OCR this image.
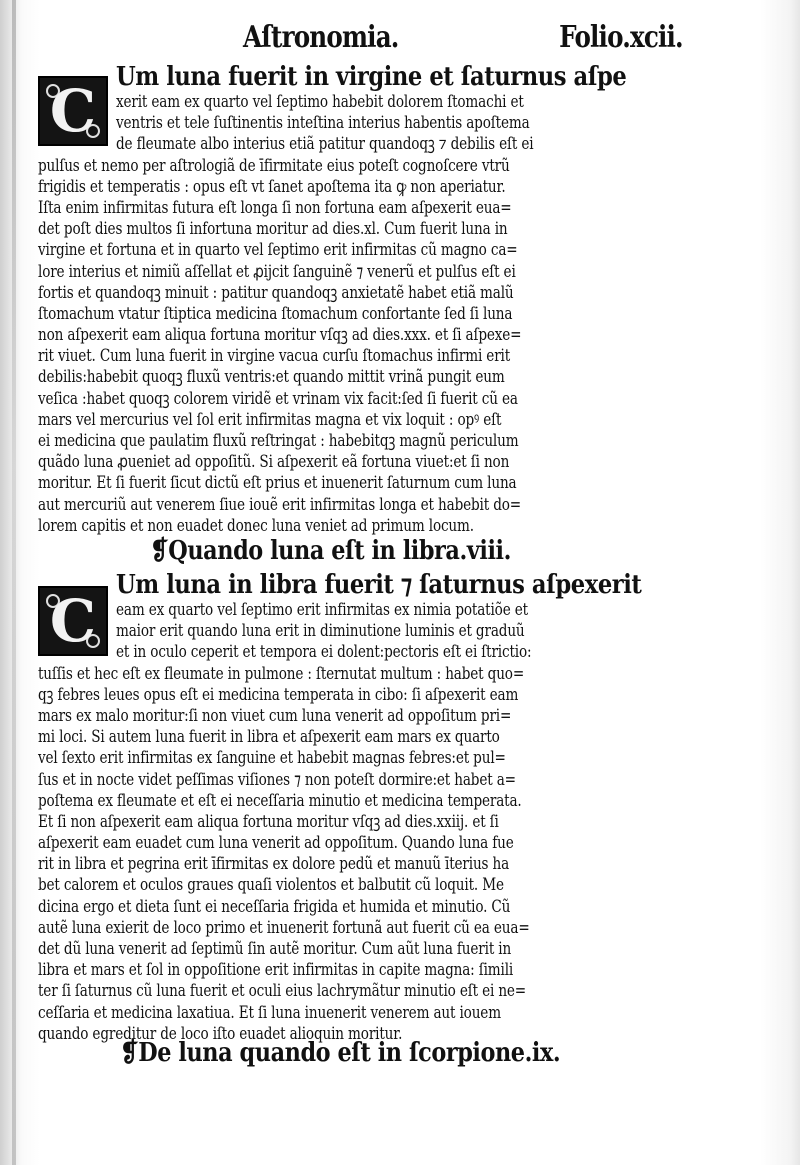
Aſtronomia.	Folio.xcii.
C Um luna fuerit in virgine et ſaturnus aſpe
xerit eam ex quarto vel ſeptimo habebit dolorem ſtomachi et
ventris et tele ſuſtinentis inteſtina interius habentis apoſtema
de fleumate albo interius etiã patitur quandoqꝫ ⁊ debilis eſt ei
pulſus et nemo per aſtrologiã de īfirmitate eius poteſt cognoſcere vtrũ
frigidis et temperatis : opus eſt vt ſanet apoſtema ita ꝙ non aperiatur.
Iſta enim infirmitas futura eſt longa ſi non fortuna eam aſpexerit eua=
det poſt dies multos ſi infortuna moritur ad dies.xl. Cum fuerit luna in
virgine et fortuna et in quarto vel ſeptimo erit infirmitas cũ magno ca=
lore interius et nimiũ aſſellat et ꝓijcit ſanguinẽ ⁊ venerũ et pulſus eſt ei
fortis et quandoqꝫ minuit : patitur quandoqꝫ anxietatẽ habet etiã malũ
ſtomachum vtatur ſtiptica medicina ſtomachum confortante ſed ſi luna
non aſpexerit eam aliqua fortuna moritur vſqꝫ ad dies.xxx. et ſi aſpexe=
rit viuet. Cum luna fuerit in virgine vacua curſu ſtomachus infirmi erit
debilis:habebit quoqꝫ fluxũ ventris:et quando mittit vrinã pungit eum
veſica :habet quoqꝫ colorem viridẽ et vrinam vix facit:ſed ſi fuerit cũ ea
mars vel mercurius vel ſol erit infirmitas magna et vix loquit : opꝰ eſt
ei medicina que paulatim fluxũ reſtringat : habebitqꝫ magnũ periculum
quãdo luna ꝓueniet ad oppoſitũ. Si aſpexerit eã fortuna viuet:et ſi non
moritur. Et ſi fuerit ſicut dictũ eſt prius et inuenerit ſaturnum cum luna
aut mercuriũ aut venerem ſiue iouẽ erit infirmitas longa et habebit do=
lorem capitis et non euadet donec luna veniet ad primum locum.
❡Quando luna eſt in libra.viii.
C
Um luna in libra fuerit ⁊ ſaturnus aſpexerit
eam ex quarto vel ſeptimo erit infirmitas ex nimia potatiõe et
maior erit quando luna erit in diminutione luminis et graduũ
et in oculo ceperit et tempora ei dolent:pectoris eſt ei ſtrictio:
tuſſis et hec eſt ex fleumate in pulmone : ſternutat multum : habet quo=
qꝫ febres leues opus eſt ei medicina temperata in cibo: ſi aſpexerit eam
mars ex malo moritur:ſi non viuet cum luna venerit ad oppoſitum pri=
mi loci. Si autem luna fuerit in libra et aſpexerit eam mars ex quarto
vel ſexto erit infirmitas ex ſanguine et habebit magnas febres:et pul=
ſus et in nocte videt peſſimas viſiones ⁊ non poteſt dormire:et habet a=
poſtema ex fleumate et eſt ei neceſſaria minutio et medicina temperata.
Et ſi non aſpexerit eam aliqua fortuna moritur vſqꝫ ad dies.xxiij. et ſi
aſpexerit eam euadet cum luna venerit ad oppoſitum. Quando luna fue
rit in libra et pegrina erit īfirmitas ex dolore pedũ et manuũ īterius ha
bet calorem et oculos graues quaſi violentos et balbutit cũ loquit. Me
dicina ergo et dieta ſunt ei neceſſaria frigida et humida et minutio. Cũ
autẽ luna exierit de loco primo et inuenerit fortunã aut fuerit cũ ea eua=
det dũ luna venerit ad ſeptimũ ſin autẽ moritur. Cum aũt luna fuerit in
libra et mars et ſol in oppoſitione erit infirmitas in capite magna: ſimili
ter ſi ſaturnus cũ luna fuerit et oculi eius lachrymãtur minutio eſt ei ne=
ceſſaria et medicina laxatiua. Et ſi luna inuenerit venerem aut iouem
quando egreditur de loco iſto euadet alioquin moritur.
❡De luna quando eſt in ſcorpione.ix.
